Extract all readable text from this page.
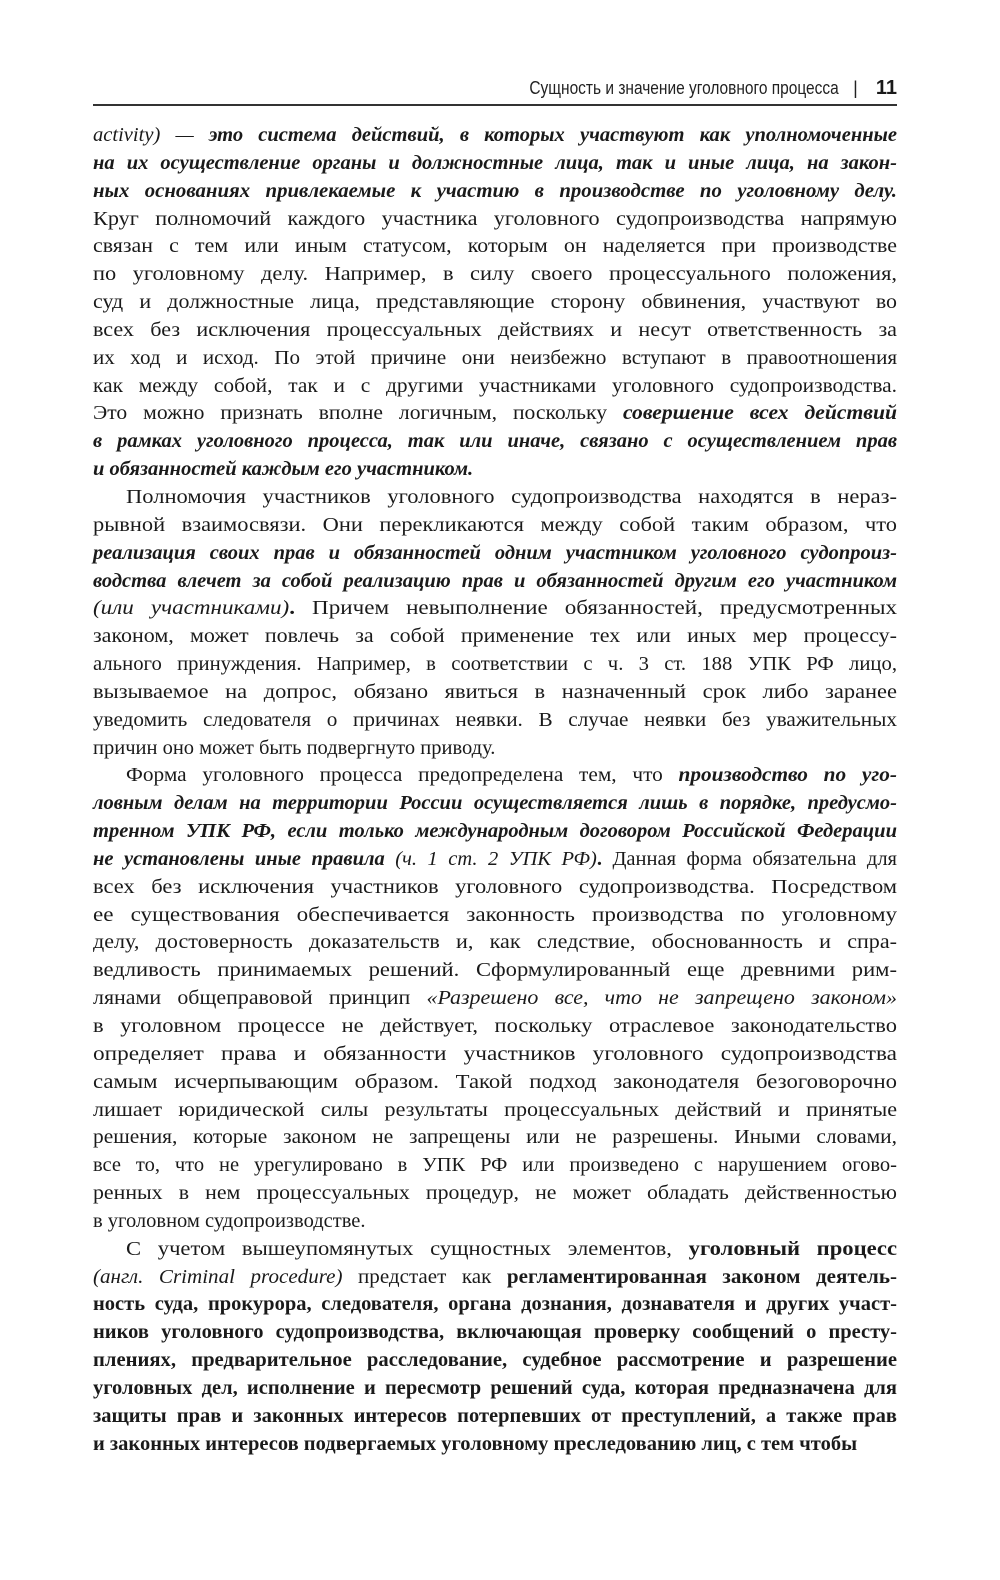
Сущность и значение уголовного процесса | 11
activity) — это система действий, в которых участвуют как уполномоченные
на их осуществление органы и должностные лица, так и иные лица, на закон-
ных основаниях привлекаемые к участию в производстве по уголовному делу.
Круг полномочий каждого участника уголовного судопроизводства напрямую
связан с тем или иным статусом, которым он наделяется при производстве
по уголовному делу. Например, в силу своего процессуального положения,
суд и должностные лица, представляющие сторону обвинения, участвуют во
всех без исключения процессуальных действиях и несут ответственность за
их ход и исход. По этой причине они неизбежно вступают в правоотношения
как между собой, так и с другими участниками уголовного судопроизводства.
Это можно признать вполне логичным, поскольку совершение всех действий
в рамках уголовного процесса, так или иначе, связано с осуществлением прав
и обязанностей каждым его участником.
Полномочия участников уголовного судопроизводства находятся в нераз-
рывной взаимосвязи. Они перекликаются между собой таким образом, что
реализация своих прав и обязанностей одним участником уголовного судопроиз-
водства влечет за собой реализацию прав и обязанностей другим его участником
(или участниками). Причем невыполнение обязанностей, предусмотренных
законом, может повлечь за собой применение тех или иных мер процессу-
ального принуждения. Например, в соответствии с ч. 3 ст. 188 УПК РФ лицо,
вызываемое на допрос, обязано явиться в назначенный срок либо заранее
уведомить следователя о причинах неявки. В случае неявки без уважительных
причин оно может быть подвергнуто приводу.
Форма уголовного процесса предопределена тем, что производство по уго-
ловным делам на территории России осуществляется лишь в порядке, предусмо-
тренном УПК РФ, если только международным договором Российской Федерации
не установлены иные правила (ч. 1 ст. 2 УПК РФ). Данная форма обязательна для
всех без исключения участников уголовного судопроизводства. Посредством
ее существования обеспечивается законность производства по уголовному
делу, достоверность доказательств и, как следствие, обоснованность и спра-
ведливость принимаемых решений. Сформулированный еще древними рим-
лянами общеправовой принцип «Разрешено все, что не запрещено законом»
в уголовном процессе не действует, поскольку отраслевое законодательство
определяет права и обязанности участников уголовного судопроизводства
самым исчерпывающим образом. Такой подход законодателя безоговорочно
лишает юридической силы результаты процессуальных действий и принятые
решения, которые законом не запрещены или не разрешены. Иными словами,
все то, что не урегулировано в УПК РФ или произведено с нарушением огово-
ренных в нем процессуальных процедур, не может обладать действенностью
в уголовном судопроизводстве.
С учетом вышеупомянутых сущностных элементов, уголовный процесс
(англ. Criminal procedure) предстает как регламентированная законом деятель-
ность суда, прокурора, следователя, органа дознания, дознавателя и других участ-
ников уголовного судопроизводства, включающая проверку сообщений о престу-
плениях, предварительное расследование, судебное рассмотрение и разрешение
уголовных дел, исполнение и пересмотр решений суда, которая предназначена для
защиты прав и законных интересов потерпевших от преступлений, а также прав
и законных интересов подвергаемых уголовному преследованию лиц, с тем чтобы
